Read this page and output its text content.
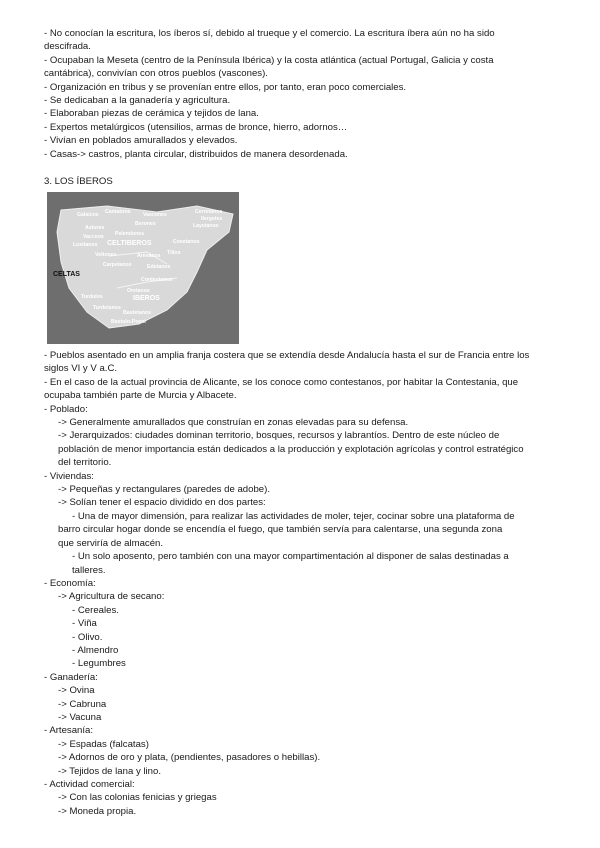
- No conocían la escritura, los íberos sí, debido al trueque y el comercio. La escritura íbera aún no ha sido
descifrada.
- Ocupaban la Meseta (centro de la Península Ibérica) y la costa atlántica (actual Portugal, Galicia y costa
cantábrica), convivían con otros pueblos (vascones).
- Organización en tribus y se provenían entre ellos, por tanto, eran poco comerciales.
- Se dedicaban a la ganadería y agricultura.
- Elaboraban piezas de cerámica y tejidos de lana.
- Expertos metalúrgicos (utensilios, armas de bronce, hierro, adornos…
- Vivían en poblados amurallados y elevados.
- Casas-> castros, planta circular, distribuidos de manera desordenada.
3. LOS ÍBEROS
Galaicos Cantabros Vascones	Cerretanos
Ilergetes
Astures
Berones	Layetanos
Vacceos Pelendones
Lusitanos CELTIBEROS	Cosetanos
Vettones	Arevacos Tilios
Carpetanos	Edetanos
CELTAS
Contestanos
Oretanos
Turdulos	IBEROS
Turdetanos
Bastetanos
Bastulo-Poeni
- Pueblos asentado en un amplia franja costera que se extendía desde Andalucía hasta el sur de Francia entre los
siglos VI y V a.C.
- En el caso de la actual provincia de Alicante, se los conoce como contestanos, por habitar la Contestania, que
ocupaba también parte de Murcia y Albacete.
- Poblado:
-> Generalmente amurallados que construían en zonas elevadas para su defensa.
-> Jerarquizados: ciudades dominan territorio, bosques, recursos y labrantíos. Dentro de este núcleo de
población de menor importancia están dedicados a la producción y explotación agrícolas y control estratégico
del territorio.
- Viviendas:
-> Pequeñas y rectangulares (paredes de adobe).
-> Solían tener el espacio dividido en dos partes:
- Una de mayor dimensión, para realizar las actividades de moler, tejer, cocinar sobre una plataforma de
barro circular hogar donde se encendía el fuego, que también servía para calentarse, una segunda zona
que serviría de almacén.
- Un solo aposento, pero también con una mayor compartimentación al disponer de salas destinadas a
talleres.
- Economía:
-> Agricultura de secano:
- Cereales.
- Viña
- Olivo.
- Almendro
- Legumbres
- Ganadería:
-> Ovina
-> Cabruna
-> Vacuna
- Artesanía:
-> Espadas (falcatas)
-> Adornos de oro y plata, (pendientes, pasadores o hebillas).
-> Tejidos de lana y lino.
- Actividad comercial:
-> Con las colonias fenicias y griegas
-> Moneda propia.
